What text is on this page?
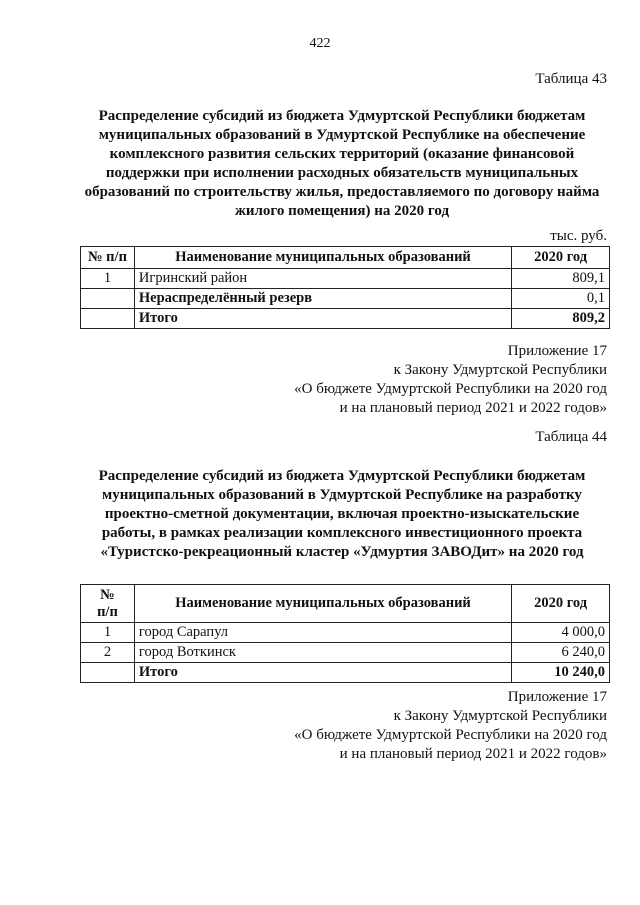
422
Таблица 43
Распределение субсидий из бюджета Удмуртской Республики бюджетам муниципальных образований в Удмуртской Республике на обеспечение комплексного развития сельских территорий (оказание финансовой поддержки при исполнении расходных обязательств муниципальных образований по строительству жилья, предоставляемого по договору найма жилого помещения) на 2020 год
тыс. руб.
№ п/п	Наименование муниципальных образований	2020 год
1	Игринский район	809,1
	Нераспределённый резерв	0,1
	Итого	809,2
Приложение 17
к Закону Удмуртской Республики
«О бюджете Удмуртской Республики на 2020 год
и на плановый период 2021 и 2022 годов»
Таблица 44
Распределение субсидий из бюджета Удмуртской Республики бюджетам муниципальных образований в Удмуртской Республике на разработку проектно-сметной документации, включая проектно-изыскательские работы, в рамках реализации комплексного инвестиционного проекта «Туристско-рекреационный кластер «Удмуртия ЗАВОДит» на 2020 год
№
п/п	Наименование муниципальных образований	2020 год
1	город Сарапул	4 000,0
2	город Воткинск	6 240,0
	Итого	10 240,0
Приложение 17
к Закону Удмуртской Республики
«О бюджете Удмуртской Республики на 2020 год
и на плановый период 2021 и 2022 годов»
